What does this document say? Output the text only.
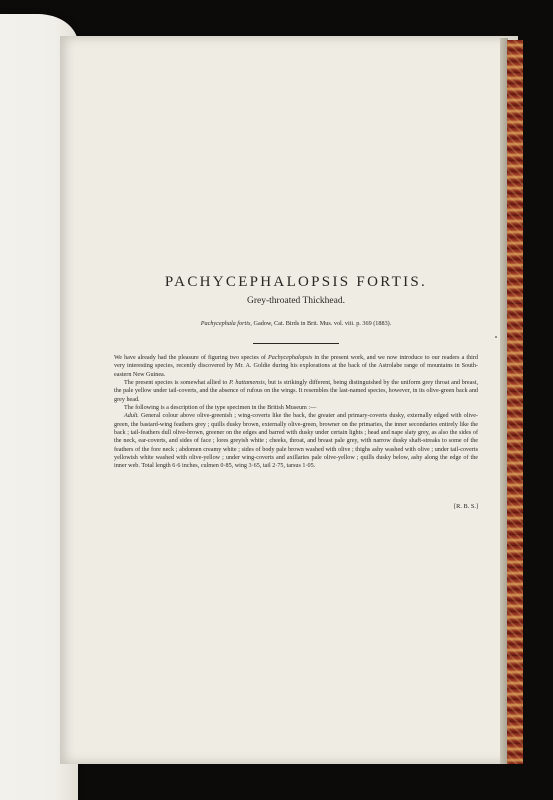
PACHYCEPHALOPSIS FORTIS.
Grey-throated Thickhead.

Pachycephala fortis, Gadow, Cat. Birds in Brit. Mus. vol. viii. p. 369 (1883).

We have already had the pleasure of figuring two species of Pachycephalopsis in the present work, and we now introduce to our readers a third very interesting species, recently discovered by Mr. A. Goldie during his explorations at the back of the Astrolabe range of mountains in South-eastern New Guinea.

The present species is somewhat allied to P. hattamensis, but is strikingly different, being distinguished by the uniform grey throat and breast, the pale yellow under tail-coverts, and the absence of rufous on the wings. It resembles the last-named species, however, in its olive-green back and grey head.

The following is a description of the type specimen in the British Museum :—

Adult. General colour above olive-greenish ; wing-coverts like the back, the greater and primary-coverts dusky, externally edged with olive-green, the bastard-wing feathers grey ; quills dusky brown, externally olive-green, browner on the primaries, the inner secondaries entirely like the back ; tail-feathers dull olive-brown, greener on the edges and barred with dusky under certain lights ; head and nape slaty grey, as also the sides of the neck, ear-coverts, and sides of face ; lores greyish white ; cheeks, throat, and breast pale grey, with narrow dusky shaft-streaks to some of the feathers of the fore neck ; abdomen creamy white ; sides of body pale brown washed with olive ; thighs ashy washed with olive ; under tail-coverts yellowish white washed with olive-yellow ; under wing-coverts and axillaries pale olive-yellow ; quills dusky below, ashy along the edge of the inner web. Total length 6·6 inches, culmen 0·85, wing 3·65, tail 2·75, tarsus 1·05.

[R. B. S.]
